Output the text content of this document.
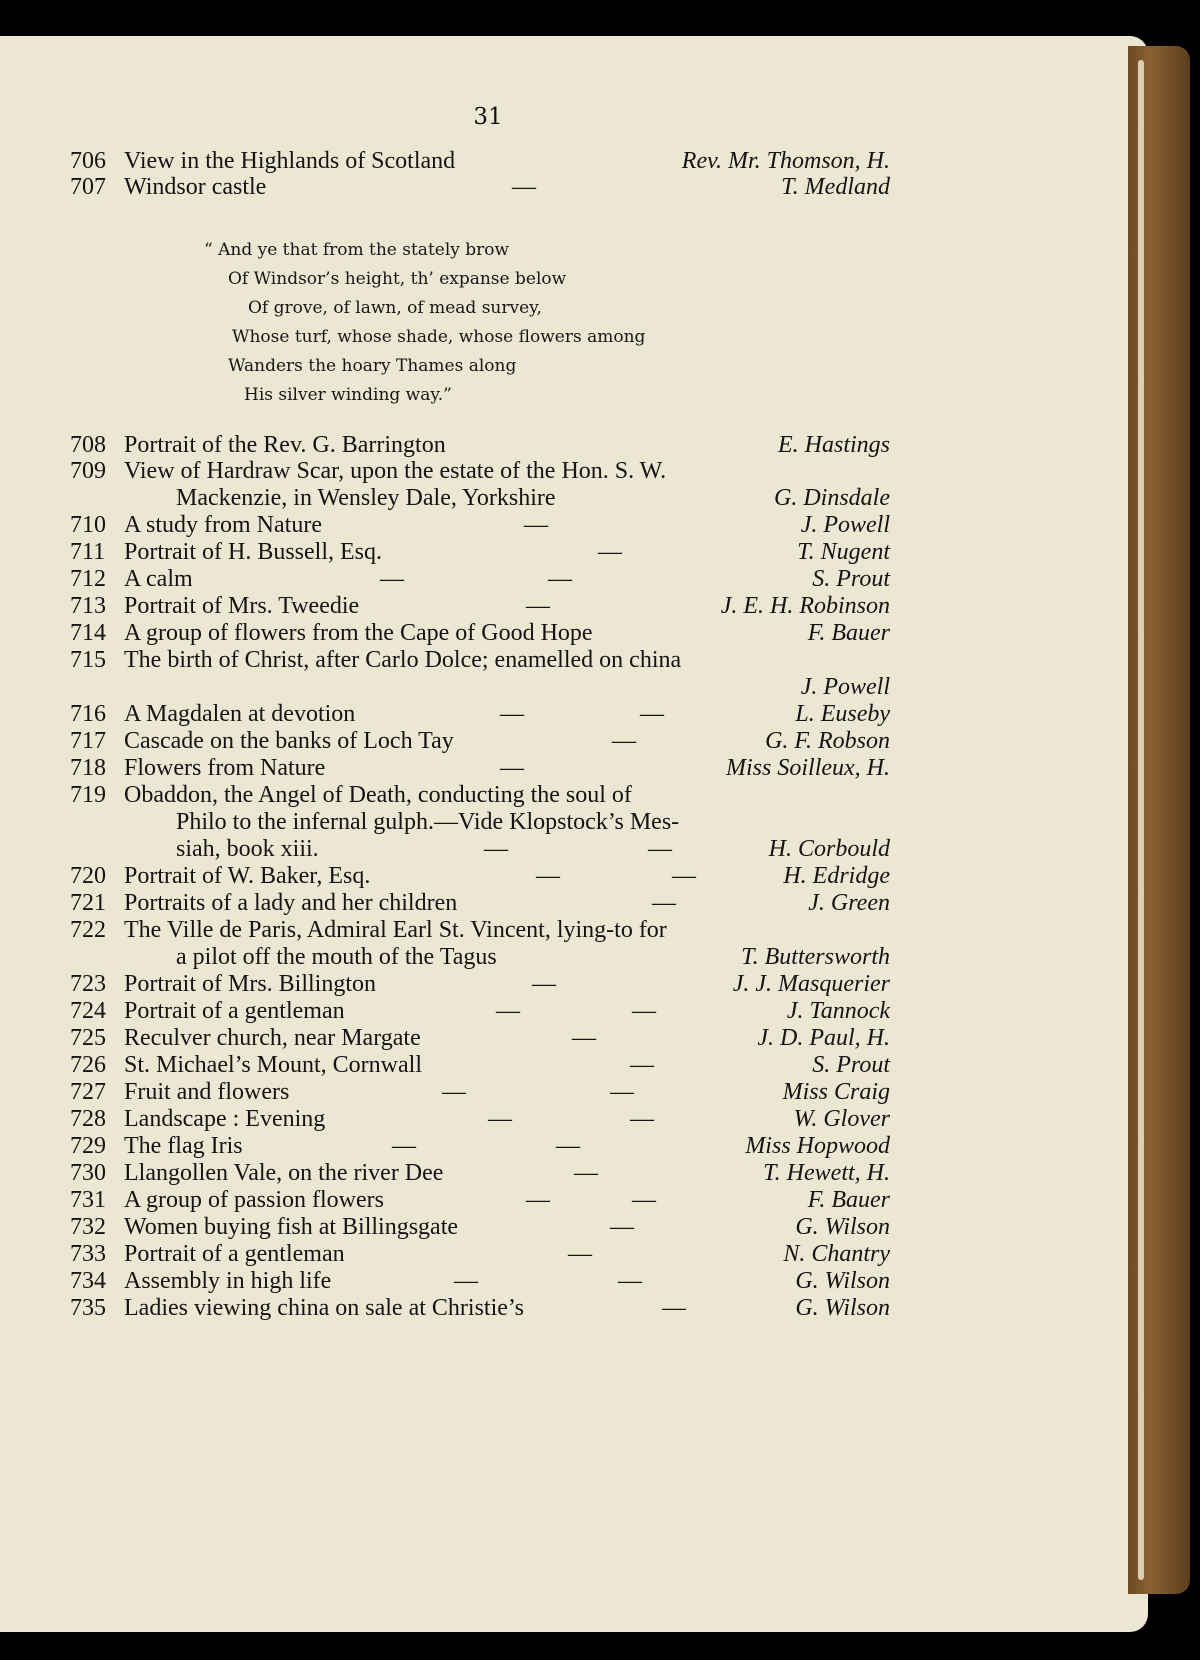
31
706 View in the Highlands of Scotland	Rev. Mr. Thomson, H.
707 Windsor castle	—	T. Medland
“ And ye that from the stately brow
Of Windsor’s height, th’ expanse below
Of grove, of lawn, of mead survey,
Whose turf, whose shade, whose flowers among
Wanders the hoary Thames along
His silver winding way.”
708 Portrait of the Rev. G. Barrington	E. Hastings
709 View of Hardraw Scar, upon the estate of the Hon. S. W.
Mackenzie, in Wensley Dale, Yorkshire	G. Dinsdale
710 A study from Nature	—	J. Powell
711 Portrait of H. Bussell, Esq.	—	T. Nugent
712 A calm	—	—	S. Prout
713 Portrait of Mrs. Tweedie	—	J. E. H. Robinson
714 A group of flowers from the Cape of Good Hope	F. Bauer
715 The birth of Christ, after Carlo Dolce; enamelled on china
J. Powell
716 A Magdalen at devotion	—	—	L. Euseby
717 Cascade on the banks of Loch Tay	—	G. F. Robson
718 Flowers from Nature	—	Miss Soilleux, H.
719 Obaddon, the Angel of Death, conducting the soul of
Philo to the infernal gulph.—Vide Klopstock’s Mes-
siah, book xiii.	—	—	H. Corbould
720 Portrait of W. Baker, Esq.	—	—	H. Edridge
721 Portraits of a lady and her children	—	J. Green
722 The Ville de Paris, Admiral Earl St. Vincent, lying-to for
a pilot off the mouth of the Tagus	T. Buttersworth
723 Portrait of Mrs. Billington	—	J. J. Masquerier
724 Portrait of a gentleman	—	—	J. Tannock
725 Reculver church, near Margate	—	J. D. Paul, H.
726 St. Michael’s Mount, Cornwall	—	S. Prout
727 Fruit and flowers	—	—	Miss Craig
728 Landscape : Evening	—	—	W. Glover
729 The flag Iris	—	—	Miss Hopwood
730 Llangollen Vale, on the river Dee	—	T. Hewett, H.
731 A group of passion flowers	—	—	F. Bauer
732 Women buying fish at Billingsgate	—	G. Wilson
733 Portrait of a gentleman	—	N. Chantry
734 Assembly in high life	—	—	G. Wilson
735 Ladies viewing china on sale at Christie’s	—	G. Wilson
